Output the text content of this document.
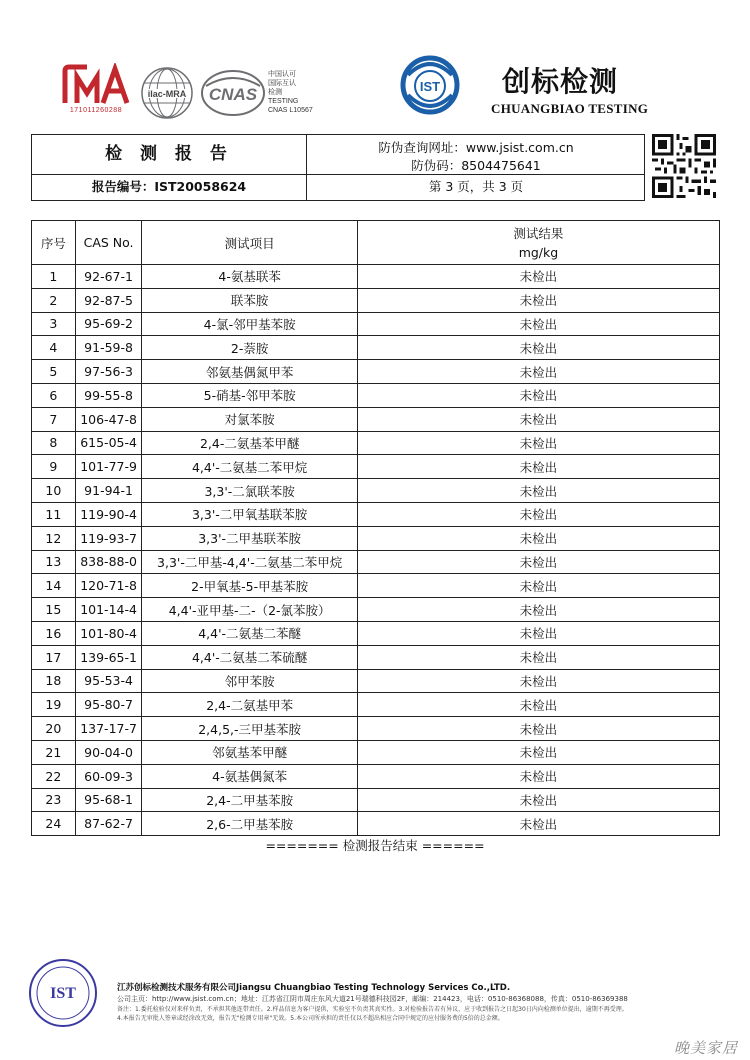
171011260288
ilac-MRA CNAS
中国认可
国际互认
检测
TESTING
CNAS L10567
IST 创标检测
CHUANGBIAO TESTING
检 测 报 告
报告编号：IST20058624
防伪查询网址：www.jsist.com.cn
防伪码：8504475641
第 3 页，共 3 页
序号	CAS No.	测试项目	测试结果
mg/kg

1	92-67-1	4-氨基联苯	未检出
2	92-87-5	联苯胺	未检出
3	95-69-2	4-氯-邻甲基苯胺	未检出
4	91-59-8	2-萘胺	未检出
5	97-56-3	邻氨基偶氮甲苯	未检出
6	99-55-8	5-硝基-邻甲苯胺	未检出
7	106-47-8	对氯苯胺	未检出
8	615-05-4	2,4-二氨基苯甲醚	未检出
9	101-77-9	4,4'-二氨基二苯甲烷	未检出
10	91-94-1	3,3'-二氯联苯胺	未检出
11	119-90-4	3,3'-二甲氧基联苯胺	未检出
12	119-93-7	3,3'-二甲基联苯胺	未检出
13	838-88-0	3,3'-二甲基-4,4'-二氨基二苯甲烷	未检出
14	120-71-8	2-甲氧基-5-甲基苯胺	未检出
15	101-14-4	4,4'-亚甲基-二-（2-氯苯胺）	未检出
16	101-80-4	4,4'-二氨基二苯醚	未检出
17	139-65-1	4,4'-二氨基二苯硫醚	未检出
18	95-53-4	邻甲苯胺	未检出
19	95-80-7	2,4-二氨基甲苯	未检出
20	137-17-7	2,4,5,-三甲基苯胺	未检出
21	90-04-0	邻氨基苯甲醚	未检出
22	60-09-3	4-氨基偶氮苯	未检出
23	95-68-1	2,4-二甲基苯胺	未检出
24	87-62-7	2,6-二甲基苯胺	未检出
======= 检测报告结束 ======
IST	江苏创标检测技术服务有限公司Jiangsu Chuangbiao Testing Technology Services Co.,LTD.
公司主页：http://www.jsist.com.cn；地址：江苏省江阴市周庄东风大道21号瑞德科技园2F，邮编：214423，电话：0510-86368088，传真：0510-86369388
备注：1.委托检验仅对来样负责，不承担其他连带责任。2.样品信息为客户提供，实验室不负责其真实性。3.对检验报告若有异议，应于收到报告之日起30日内向检测单位提出，逾期不再受理。
4.本报告无审批人签章或经涂改无效，报告无"检测专用章"无效。5.本公司所承担的责任仅以不超出相应合同中规定的应付服务费的5倍的总金额。
晚美家居
